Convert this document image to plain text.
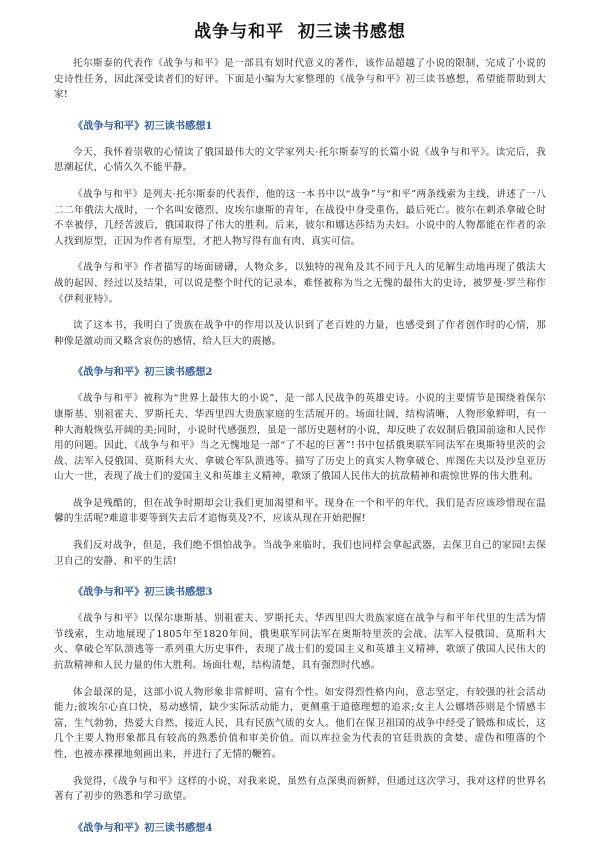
战争与和平  初三读书感想

托尔斯泰的代表作《战争与和平》是一部具有划时代意义的著作，该作品超越了小说的限制，完成了小说的史诗性任务，因此深受读者们的好评。下面是小编为大家整理的《战争与和平》初三读书感想，希望能帮助到大家!

《战争与和平》初三读书感想1

今天，我怀着崇敬的心情读了俄国最伟大的文学家列夫·托尔斯泰写的长篇小说《战争与和平》。读完后，我思潮起伏，心情久久不能平静。

《战争与和平》是列夫·托尔斯泰的代表作，他的这一本书中以“战争”与“和平”两条线索为主线，讲述了一八二二年俄法大战时，一个名叫安德烈、皮埃尔康斯的青年，在战役中身受重伤，最后死亡。彼尔在刺杀拿破仑时不幸被俘，几经苦波后，俄国取得了伟大的胜利。后来，彼尔和娜达莎结为夫妇。小说中的人物都能在作者的亲人找到原型，正因为作者有原型，才把人物写得有血有肉、真实可信。

《战争与和平》作者描写的场面磅礴，人物众多，以独特的视角及其不同于凡人的见解生动地再现了俄法大战的起因、经过以及结果，可以说是整个时代的记录本，难怪被称为当之无愧的最伟大的史诗，被罗曼·罗兰称作《伊利亚特》。

读了这本书，我明白了贵族在战争中的作用以及认识到了老百姓的力量，也感受到了作者创作时的心情，那种像是激动而又略含哀伤的感情，给人巨大的震撼。

《战争与和平》初三读书感想2

《战争与和平》被称为“世界上最伟大的小说”，是一部人民战争的英雄史诗。小说的主要情节是围绕着保尔康斯基、别祖霍夫、罗斯托夫、华西里四大贵族家庭的生活展开的。场面壮阔，结构清晰，人物形象鲜明，有一种大海般恢弘开阔的美;同时，小说时代感强烈，虽是一部历史题材的小说，却反映了农奴制后俄国前途和人民作用的问题。因此，《战争与和平》当之无愧地是一部“了不起的巨著”!书中包括俄奥联军同法军在奥斯特里茨的会战、法军入侵俄国、莫斯科大火、拿破仑军队溃逃等。描写了历史上的真实人物拿破仑、库图佐夫以及沙皇亚历山大一世，表现了战士们的爱国主义和英雄主义精神，歌颂了俄国人民伟大的抗敌精神和震惊世界的伟大胜利。

战争是残酷的，但在战争时期却会让我们更加渴望和平。现身在一个和平的年代，我们是否应该珍惜现在温馨的生活呢?难道非要等到失去后才追悔莫及?不，应该从现在开始把握!

我们反对战争，但是，我们绝不惧怕战争。当战争来临时，我们也同样会拿起武器，去保卫自己的家园!去保卫自己的安静、和平的生活!

《战争与和平》初三读书感想3

《战争与和平》以保尔康斯基、别祖霍夫、罗斯托夫、华西里四大贵族家庭在战争与和平年代里的生活为情节线索，生动地展现了1805年至1820年间，俄奥联军同法军在奥斯特里茨的会战、法军入侵俄国、莫斯科大火、拿破仑军队溃逃等一系列重大历史事件，表现了战士们的爱国主义和英雄主义精神，歌颂了俄国人民伟大的抗敌精神和人民力量的伟大胜利。场面壮观，结构清楚，具有强烈时代感。

体会最深的是，这部小说人物形象非常鲜明、富有个性。如安得烈性格内向，意志坚定，有较强的社会活动能力;彼埃尔心直口快，易动感情，缺少实际活动能力，更侧重于道德理想的追求;女主人公娜塔莎则是个情感丰富，生气勃勃，热爱大自然，接近人民，具有民族气质的女人。他们在保卫祖国的战争中经受了锻炼和成长，这几个主要人物形象都具有较高的熟悉价值和审美价值。而以库拉金为代表的官廷贵族的贪婪、虚伪和堕落的个性，也被赤裸裸地刻画出来，并进行了无情的鞭笞。

我觉得，《战争与和平》这样的小说，对我来说，虽然有点深奥而新鲜，但通过这次学习，我对这样的世界名著有了初步的熟悉和学习欲望。

《战争与和平》初三读书感想4
